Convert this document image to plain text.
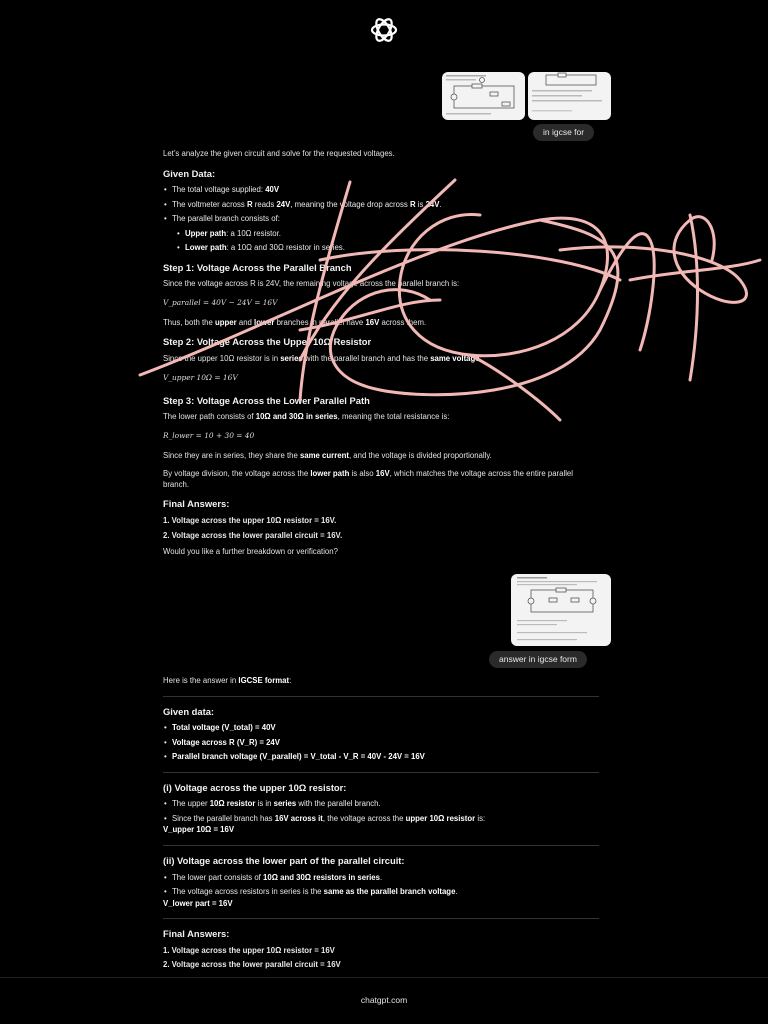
in igcse for
Let’s analyze the given circuit and solve for the requested voltages.
Given Data:
• The total voltage supplied: 40V
• The voltmeter across R reads 24V, meaning the voltage drop across R is 24V.
• The parallel branch consists of:
• Upper path: a 10Ω resistor.
• Lower path: a 10Ω and 30Ω resistor in series.
Step 1: Voltage Across the Parallel Branch
Since the voltage across R is 24V, the remaining voltage across the parallel branch is:
V_parallel = 40V − 24V = 16V
Thus, both the upper and lower branches in parallel have 16V across them.
Step 2: Voltage Across the Upper 10Ω Resistor
Since the upper 10Ω resistor is in series with the parallel branch and has the same voltage:
V_upper 10Ω = 16V
Step 3: Voltage Across the Lower Parallel Path
The lower path consists of 10Ω and 30Ω in series, meaning the total resistance is:
R_lower = 10 + 30 = 40
Since they are in series, they share the same current, and the voltage is divided proportionally.
By voltage division, the voltage across the lower path is also 16V, which matches the voltage across the entire parallel branch.
Final Answers:
1. Voltage across the upper 10Ω resistor = 16V.
2. Voltage across the lower parallel circuit = 16V.
Would you like a further breakdown or verification?
answer in igcse form
Here is the answer in IGCSE format:
Given data:
• Total voltage (V_total) = 40V
• Voltage across R (V_R) = 24V
• Parallel branch voltage (V_parallel) = V_total - V_R = 40V - 24V = 16V
(i) Voltage across the upper 10Ω resistor:
• The upper 10Ω resistor is in series with the parallel branch.
• Since the parallel branch has 16V across it, the voltage across the upper 10Ω resistor is:
V_upper 10Ω = 16V
(ii) Voltage across the lower part of the parallel circuit:
• The lower part consists of 10Ω and 30Ω resistors in series.
• The voltage across resistors in series is the same as the parallel branch voltage.
V_lower part = 16V
Final Answers:
1. Voltage across the upper 10Ω resistor = 16V
2. Voltage across the lower parallel circuit = 16V
chatgpt.com
